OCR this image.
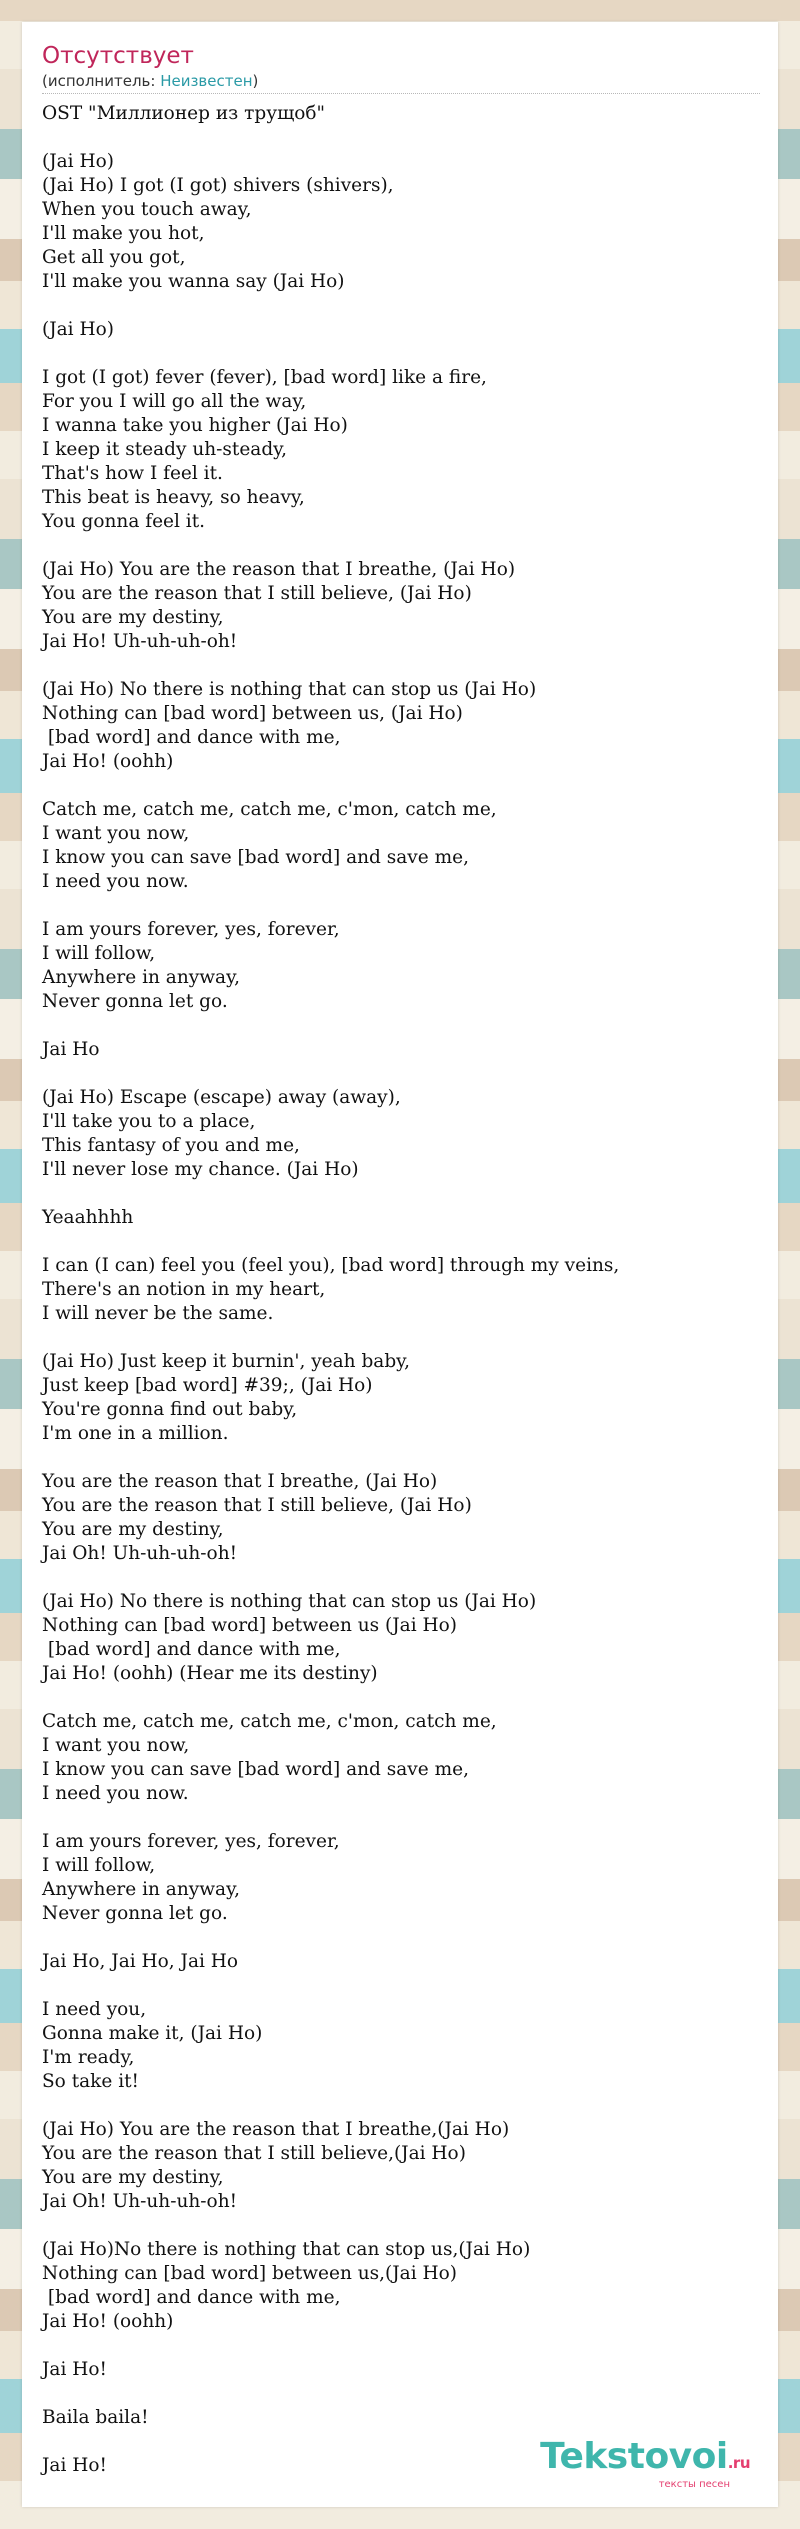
Отсутствует
(исполнитель: Неизвестен)
OST "Миллионер из трущоб"
(Jai Ho)
(Jai Ho) I got (I got) shivers (shivers),
When you touch away,
I'll make you hot,
Get all you got,
I'll make you wanna say (Jai Ho)
(Jai Ho)
I got (I got) fever (fever), [bad word] like a fire,
For you I will go all the way,
I wanna take you higher (Jai Ho)
I keep it steady uh-steady,
That's how I feel it.
This beat is heavy, so heavy,
You gonna feel it.
(Jai Ho) You are the reason that I breathe, (Jai Ho)
You are the reason that I still believe, (Jai Ho)
You are my destiny,
Jai Ho! Uh-uh-uh-oh!
(Jai Ho) No there is nothing that can stop us (Jai Ho)
Nothing can [bad word] between us, (Jai Ho)
[bad word] and dance with me,
Jai Ho! (oohh)
Catch me, catch me, catch me, c'mon, catch me,
I want you now,
I know you can save [bad word] and save me,
I need you now.
I am yours forever, yes, forever,
I will follow,
Anywhere in anyway,
Never gonna let go.
Jai Ho
(Jai Ho) Escape (escape) away (away),
I'll take you to a place,
This fantasy of you and me,
I'll never lose my chance. (Jai Ho)
Yeaahhhh
I can (I can) feel you (feel you), [bad word] through my veins,
There's an notion in my heart,
I will never be the same.
(Jai Ho) Just keep it burnin', yeah baby,
Just keep [bad word] #39;, (Jai Ho)
You're gonna find out baby,
I'm one in a million.
You are the reason that I breathe, (Jai Ho)
You are the reason that I still believe, (Jai Ho)
You are my destiny,
Jai Oh! Uh-uh-uh-oh!
(Jai Ho) No there is nothing that can stop us (Jai Ho)
Nothing can [bad word] between us (Jai Ho)
[bad word] and dance with me,
Jai Ho! (oohh) (Hear me its destiny)
Catch me, catch me, catch me, c'mon, catch me,
I want you now,
I know you can save [bad word] and save me,
I need you now.
I am yours forever, yes, forever,
I will follow,
Anywhere in anyway,
Never gonna let go.
Jai Ho, Jai Ho, Jai Ho
I need you,
Gonna make it, (Jai Ho)
I'm ready,
So take it!
(Jai Ho) You are the reason that I breathe,(Jai Ho)
You are the reason that I still believe,(Jai Ho)
You are my destiny,
Jai Oh! Uh-uh-uh-oh!
(Jai Ho)No there is nothing that can stop us,(Jai Ho)
Nothing can [bad word] between us,(Jai Ho)
[bad word] and dance with me,
Jai Ho! (oohh)
Jai Ho!
Baila baila!
Jai Ho!	Tekstovoi.ru
тексты песен
